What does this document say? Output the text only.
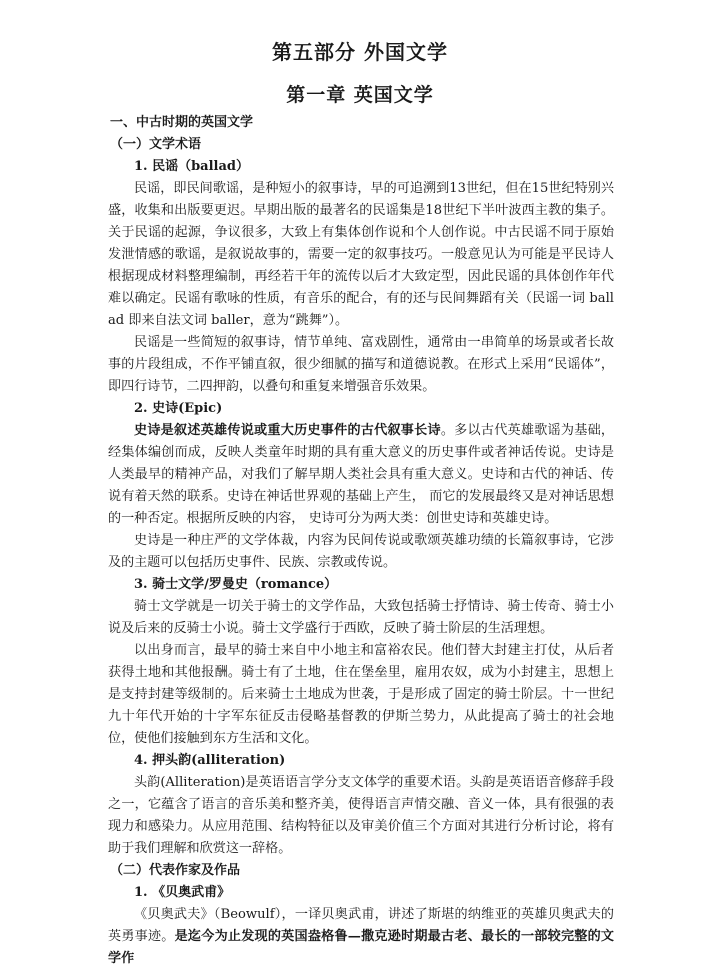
第五部分 外国文学
第一章 英国文学
一、中古时期的英国文学
（一）文学术语
1. 民谣（ballad）

民谣，即民间歌谣，是种短小的叙事诗，早的可追溯到13世纪，但在15世纪特别兴盛，收集和出版要更迟。早期出版的最著名的民谣集是18世纪下半叶波西主教的集子。关于民谣的起源，争议很多，大致上有集体创作说和个人创作说。中古民谣不同于原始发泄情感的歌谣，是叙说故事的，需要一定的叙事技巧。一般意见认为可能是平民诗人根据现成材料整理编制，再经若干年的流传以后才大致定型，因此民谣的具体创作年代难以确定。民谣有歌咏的性质，有音乐的配合，有的还与民间舞蹈有关（民谣一词 ballad 即来自法文词 baller，意为“跳舞”）。

民谣是一些简短的叙事诗，情节单纯、富戏剧性，通常由一串简单的场景或者长故事的片段组成，不作平铺直叙，很少细腻的描写和道德说教。在形式上采用“民谣体”，即四行诗节，二四押韵，以叠句和重复来增强音乐效果。

2. 史诗(Epic)

史诗是叙述英雄传说或重大历史事件的古代叙事长诗。多以古代英雄歌谣为基础，经集体编创而成，反映人类童年时期的具有重大意义的历史事件或者神话传说。史诗是人类最早的精神产品，对我们了解早期人类社会具有重大意义。史诗和古代的神话、传说有着天然的联系。史诗在神话世界观的基础上产生， 而它的发展最终又是对神话思想的一种否定。根据所反映的内容， 史诗可分为两大类：创世史诗和英雄史诗。

史诗是一种庄严的文学体裁，内容为民间传说或歌颂英雄功绩的长篇叙事诗，它涉及的主题可以包括历史事件、民族、宗教或传说。

3. 骑士文学/罗曼史（romance）

骑士文学就是一切关于骑士的文学作品，大致包括骑士抒情诗、骑士传奇、骑士小说及后来的反骑士小说。骑士文学盛行于西欧，反映了骑士阶层的生活理想。

以出身而言，最早的骑士来自中小地主和富裕农民。他们替大封建主打仗，从后者获得土地和其他报酬。骑士有了土地，住在堡垒里，雇用农奴，成为小封建主，思想上是支持封建等级制的。后来骑士土地成为世袭，于是形成了固定的骑士阶层。十一世纪九十年代开始的十字军东征反击侵略基督教的伊斯兰势力，从此提高了骑士的社会地位，使他们接触到东方生活和文化。

4. 押头韵(alliteration)

头韵(Alliteration)是英语语言学分支文体学的重要术语。头韵是英语语音修辞手段之一，它蕴含了语言的音乐美和整齐美，使得语言声情交融、音义一体，具有很强的表现力和感染力。从应用范围、结构特征以及审美价值三个方面对其进行分析讨论，将有助于我们理解和欣赏这一辞格。

（二）代表作家及作品
1. 《贝奥武甫》

《贝奥武夫》（Beowulf），一译贝奥武甫，讲述了斯堪的纳维亚的英雄贝奥武夫的英勇事迹。是迄今为止发现的英国盎格鲁—撒克逊时期最古老、最长的一部较完整的文学作
